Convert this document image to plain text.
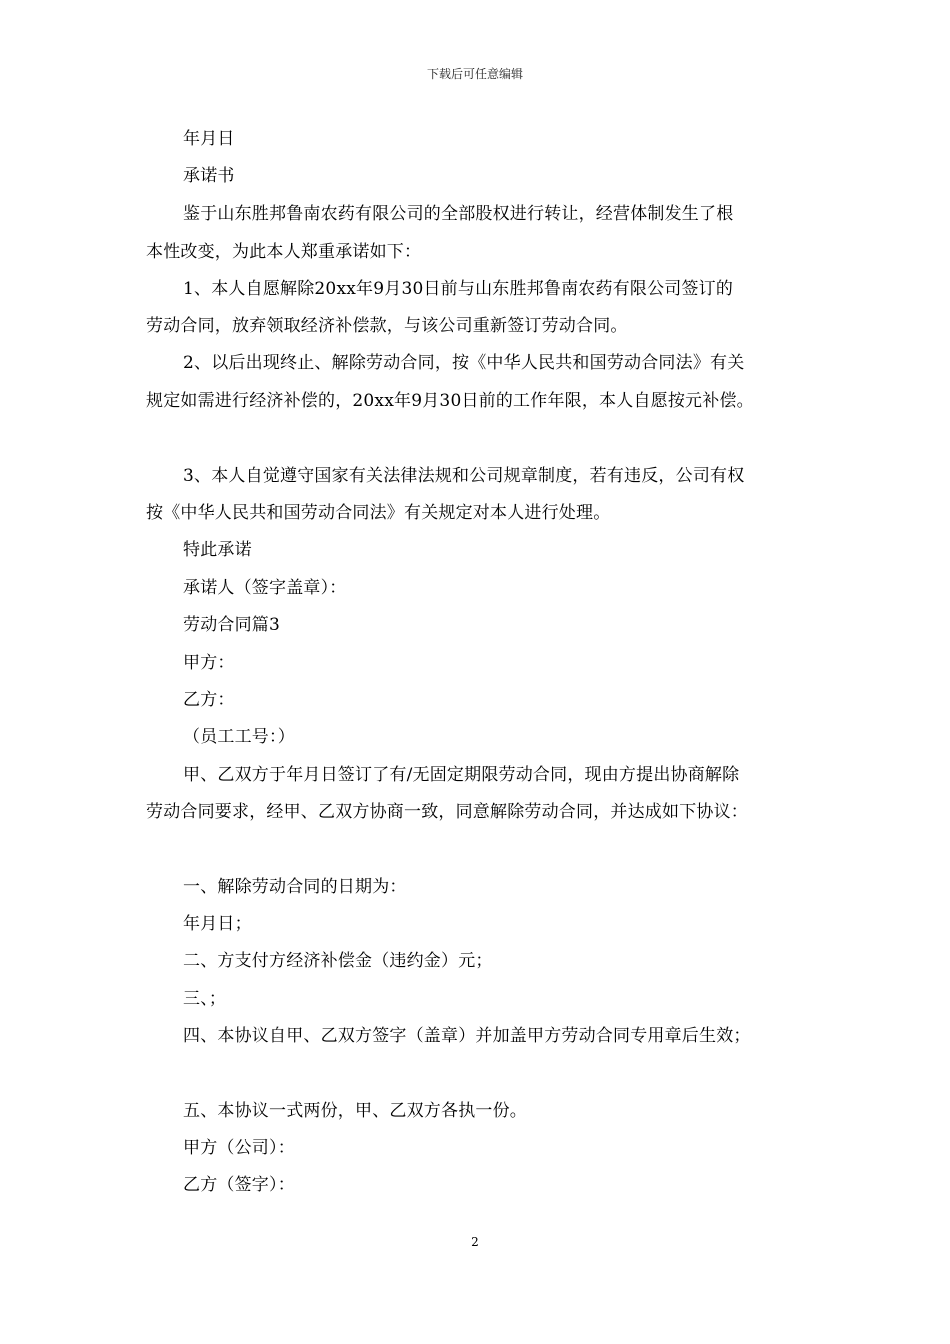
下载后可任意编辑
年月日
承诺书
鉴于山东胜邦鲁南农药有限公司的全部股权进行转让，经营体制发生了根
本性改变，为此本人郑重承诺如下：
1、本人自愿解除20xx年9月30日前与山东胜邦鲁南农药有限公司签订的
劳动合同，放弃领取经济补偿款，与该公司重新签订劳动合同。
2、以后出现终止、解除劳动合同，按《中华人民共和国劳动合同法》有关
规定如需进行经济补偿的，20xx年9月30日前的工作年限，本人自愿按元补偿。
3、本人自觉遵守国家有关法律法规和公司规章制度，若有违反，公司有权
按《中华人民共和国劳动合同法》有关规定对本人进行处理。
特此承诺
承诺人（签字盖章）：
劳动合同篇3
甲方：
乙方：
（员工工号：）
甲、乙双方于年月日签订了有/无固定期限劳动合同，现由方提出协商解除
劳动合同要求，经甲、乙双方协商一致，同意解除劳动合同，并达成如下协议：
一、解除劳动合同的日期为：
年月日；
二、方支付方经济补偿金（违约金）元；
三、；
四、本协议自甲、乙双方签字（盖章）并加盖甲方劳动合同专用章后生效；
五、本协议一式两份，甲、乙双方各执一份。
甲方（公司）：
乙方（签字）：
2
